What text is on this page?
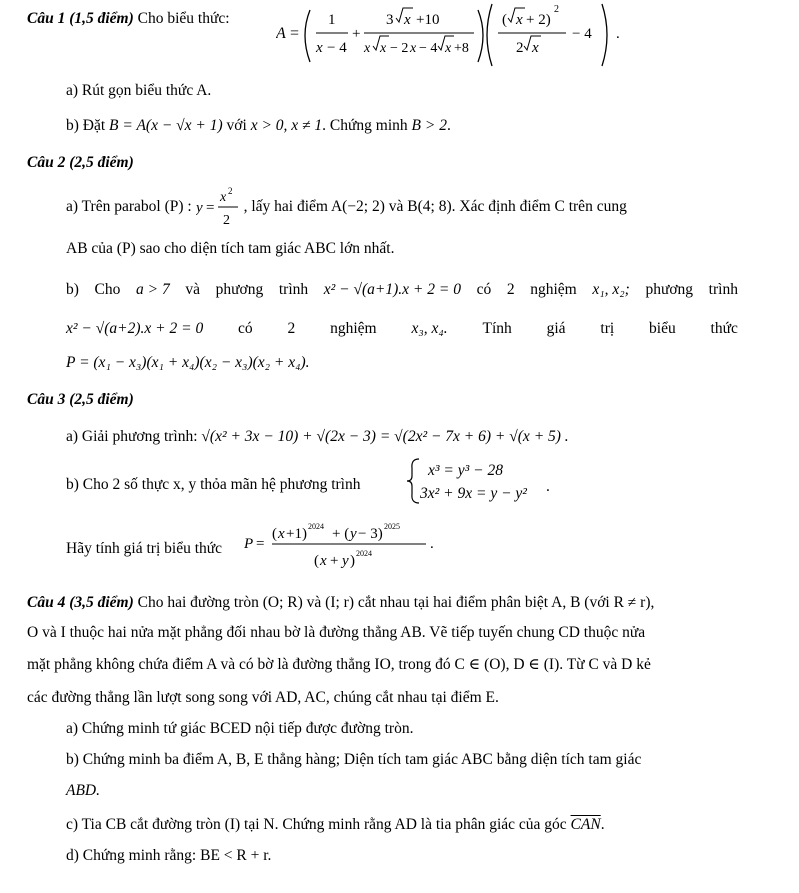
Câu 1 (1,5 điểm) Cho biểu thức:
A =
1
x − 4
+
3 x +10
x x − 2 x − 4 x +8
( x + 2)
2
2 x
− 4 .
a) Rút gọn biểu thức A.
b) Đặt B = A(x − √x + 1) với x > 0, x ≠ 1. Chứng minh B > 2.
Câu 2 (2,5 điểm)
a) Trên parabol (P) : y =
x 2
2
, lấy hai điểm A(−2; 2) và B(4; 8). Xác định điểm C trên cung
AB của (P) sao cho diện tích tam giác ABC lớn nhất.
b) Cho a > 7 và phương trình x² − √(a+1).x + 2 = 0 có 2 nghiệm x₁, x₂; phương trình
x² − √(a+2).x + 2 = 0 có 2 nghiệm x₃, x₄. Tính giá trị biểu thức
P = (x₁ − x₃)(x₁ + x₄)(x₂ − x₃)(x₂ + x₄).
Câu 3 (2,5 điểm)
a) Giải phương trình: √(x² + 3x − 10) + √(2x − 3) = √(2x² − 7x + 6) + √(x + 5) .
b) Cho 2 số thực x, y thỏa mãn hệ phương trình
x³ = y³ − 28
3x² + 9x = y − y² .
Hãy tính giá trị biểu thức P =
( x +1) 2024 + ( y − 3) 2025
( x + y ) 2024
.
Câu 4 (3,5 điểm) Cho hai đường tròn (O; R) và (I; r) cắt nhau tại hai điểm phân biệt A, B (với R ≠ r),
O và I thuộc hai nửa mặt phẳng đối nhau bờ là đường thẳng AB. Vẽ tiếp tuyến chung CD thuộc nửa
mặt phẳng không chứa điểm A và có bờ là đường thẳng IO, trong đó C ∈ (O), D ∈ (I). Từ C và D kẻ
các đường thẳng lần lượt song song với AD, AC, chúng cắt nhau tại điểm E.
a) Chứng minh tứ giác BCED nội tiếp được đường tròn.
b) Chứng minh ba điểm A, B, E thẳng hàng; Diện tích tam giác ABC bằng diện tích tam giác
ABD.
c) Tia CB cắt đường tròn (I) tại N. Chứng minh rằng AD là tia phân giác của góc $\overline{CAN}$.
d) Chứng minh rằng: BE < R + r.
